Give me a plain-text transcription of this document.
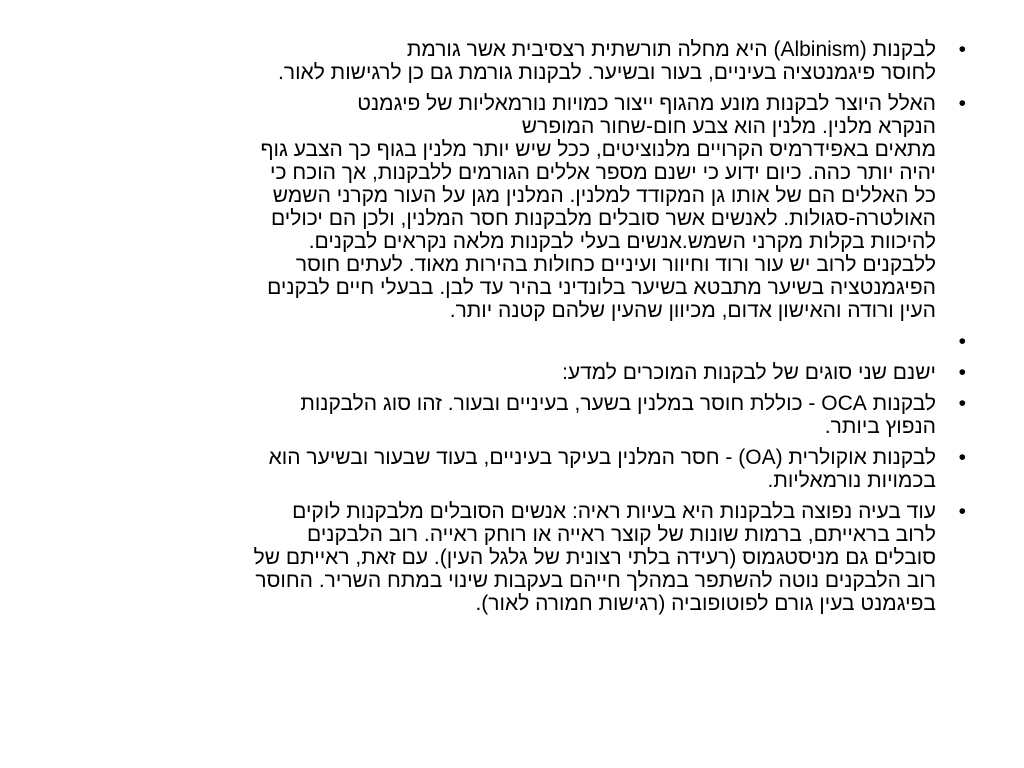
• לבקנות (Albinism) היא מחלה תורשתית רצסיבית אשר גורמת
לחוסר פיגמנטציה בעיניים, בעור ובשיער. לבקנות גורמת גם כן לרגישות לאור.
• האלל היוצר לבקנות מונע מהגוף ייצור כמויות נורמאליות של פיגמנט
הנקרא מלנין. מלנין הוא צבע חום-שחור המופרש
מתאים באפידרמיס הקרויים מלנוציטים, ככל שיש יותר מלנין בגוף כך הצבע גוף
יהיה יותר כהה. כיום ידוע כי ישנם מספר אללים הגורמים ללבקנות, אך הוכח כי
כל האללים הם של אותו גן המקודד למלנין. המלנין מגן על העור מקרני השמש
האולטרה-סגולות. לאנשים אשר סובלים מלבקנות חסר המלנין, ולכן הם יכולים
להיכוות בקלות מקרני השמש.אנשים בעלי לבקנות מלאה נקראים לבקנים.
ללבקנים לרוב יש עור ורוד וחיוור ועיניים כחולות בהירות מאוד. לעתים חוסר
הפיגמנטציה בשיער מתבטא בשיער בלונדיני בהיר עד לבן. בבעלי חיים לבקנים
העין ורודה והאישון אדום, מכיוון שהעין שלהם קטנה יותר.
•
• ישנם שני סוגים של לבקנות המוכרים למדע:
• לבקנות OCA - כוללת חוסר במלנין בשער, בעיניים ובעור. זהו סוג הלבקנות
הנפוץ ביותר.
• לבקנות אוקולרית (OA) - חסר המלנין בעיקר בעיניים, בעוד שבעור ובשיער הוא
בכמויות נורמאליות.
• עוד בעיה נפוצה בלבקנות היא בעיות ראיה: אנשים הסובלים מלבקנות לוקים
לרוב בראייתם, ברמות שונות של קוצר ראייה או רוחק ראייה. רוב הלבקנים
סובלים גם מניסטגמוס (רעידה בלתי רצונית של גלגל העין). עם זאת, ראייתם של
רוב הלבקנים נוטה להשתפר במהלך חייהם בעקבות שינוי במתח השריר. החוסר
בפיגמנט בעין גורם לפוטופוביה (רגישות חמורה לאור).
